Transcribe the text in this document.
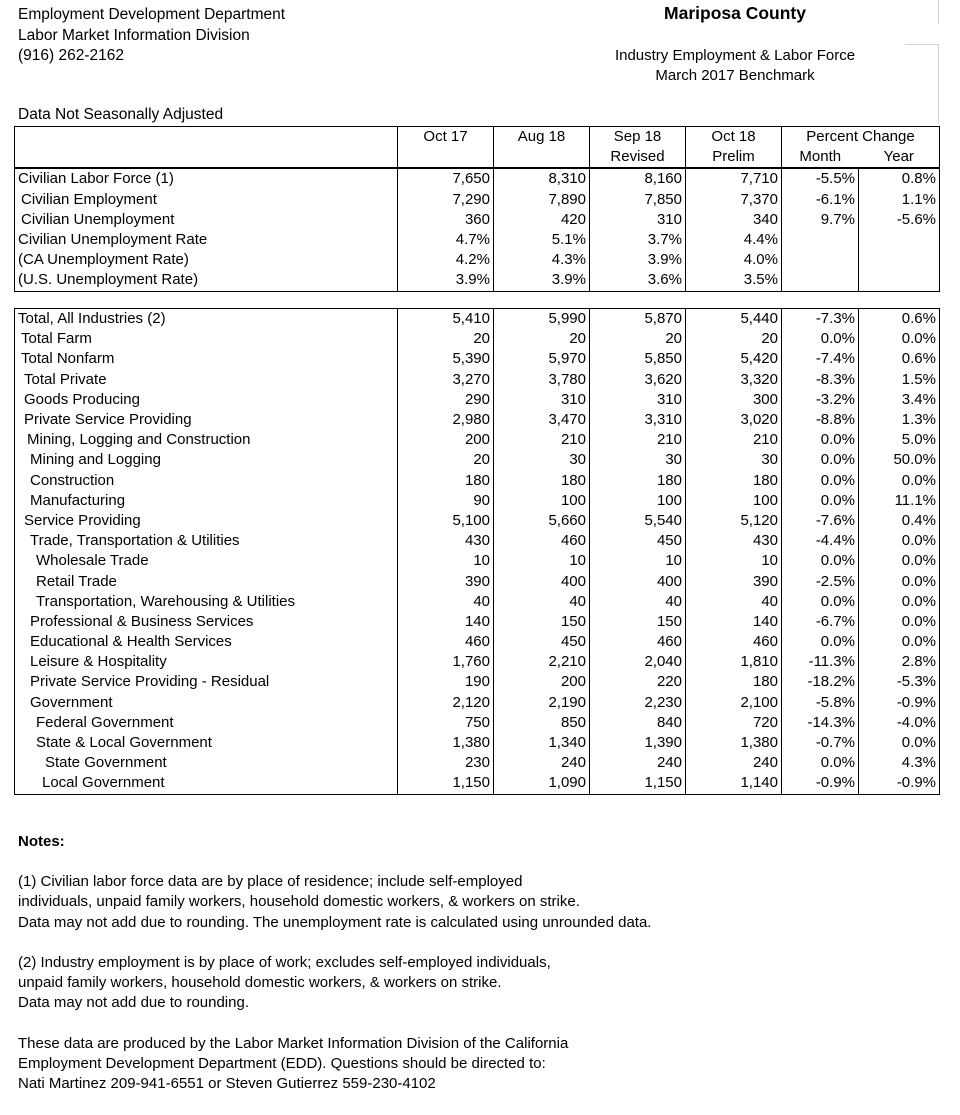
Employment Development Department
Labor Market Information Division
(916) 262-2162
Mariposa County
Industry Employment & Labor Force
March 2017 Benchmark
Data Not Seasonally Adjusted
	Oct 17	Aug 18	Sep 18	Oct 18	Percent Change	
			Revised	Prelim	Month	Year
Civilian Labor Force (1)	7,650	8,310	8,160	7,710	-5.5%	0.8%
Civilian Employment	7,290	7,890	7,850	7,370	-6.1%	1.1%
Civilian Unemployment	360	420	310	340	9.7%	-5.6%
Civilian Unemployment Rate	4.7%	5.1%	3.7%	4.4%		
(CA Unemployment Rate)	4.2%	4.3%	3.9%	4.0%		
(U.S. Unemployment Rate)	3.9%	3.9%	3.6%	3.5%		
Total, All Industries (2)	5,410	5,990	5,870	5,440	-7.3%	0.6%
Total Farm	20	20	20	20	0.0%	0.0%
Total Nonfarm	5,390	5,970	5,850	5,420	-7.4%	0.6%
Total Private	3,270	3,780	3,620	3,320	-8.3%	1.5%
Goods Producing	290	310	310	300	-3.2%	3.4%
Private Service Providing	2,980	3,470	3,310	3,020	-8.8%	1.3%
Mining, Logging and Construction	200	210	210	210	0.0%	5.0%
Mining and Logging	20	30	30	30	0.0%	50.0%
Construction	180	180	180	180	0.0%	0.0%
Manufacturing	90	100	100	100	0.0%	11.1%
Service Providing	5,100	5,660	5,540	5,120	-7.6%	0.4%
Trade, Transportation & Utilities	430	460	450	430	-4.4%	0.0%
Wholesale Trade	10	10	10	10	0.0%	0.0%
Retail Trade	390	400	400	390	-2.5%	0.0%
Transportation, Warehousing & Utilities	40	40	40	40	0.0%	0.0%
Professional & Business Services	140	150	150	140	-6.7%	0.0%
Educational & Health Services	460	450	460	460	0.0%	0.0%
Leisure & Hospitality	1,760	2,210	2,040	1,810	-11.3%	2.8%
Private Service Providing - Residual	190	200	220	180	-18.2%	-5.3%
Government	2,120	2,190	2,230	2,100	-5.8%	-0.9%
Federal Government	750	850	840	720	-14.3%	-4.0%
State & Local Government	1,380	1,340	1,390	1,380	-0.7%	0.0%
State Government	230	240	240	240	0.0%	4.3%
Local Government	1,150	1,090	1,150	1,140	-0.9%	-0.9%
Notes:

(1) Civilian labor force data are by place of residence; include self-employed
individuals, unpaid family workers, household domestic workers, & workers on strike.
Data may not add due to rounding. The unemployment rate is calculated using unrounded data.

(2) Industry employment is by place of work; excludes self-employed individuals,
unpaid family workers, household domestic workers, & workers on strike.
Data may not add due to rounding.

These data are produced by the Labor Market Information Division of the California
Employment Development Department (EDD). Questions should be directed to:
Nati Martinez 209-941-6551 or Steven Gutierrez 559-230-4102
